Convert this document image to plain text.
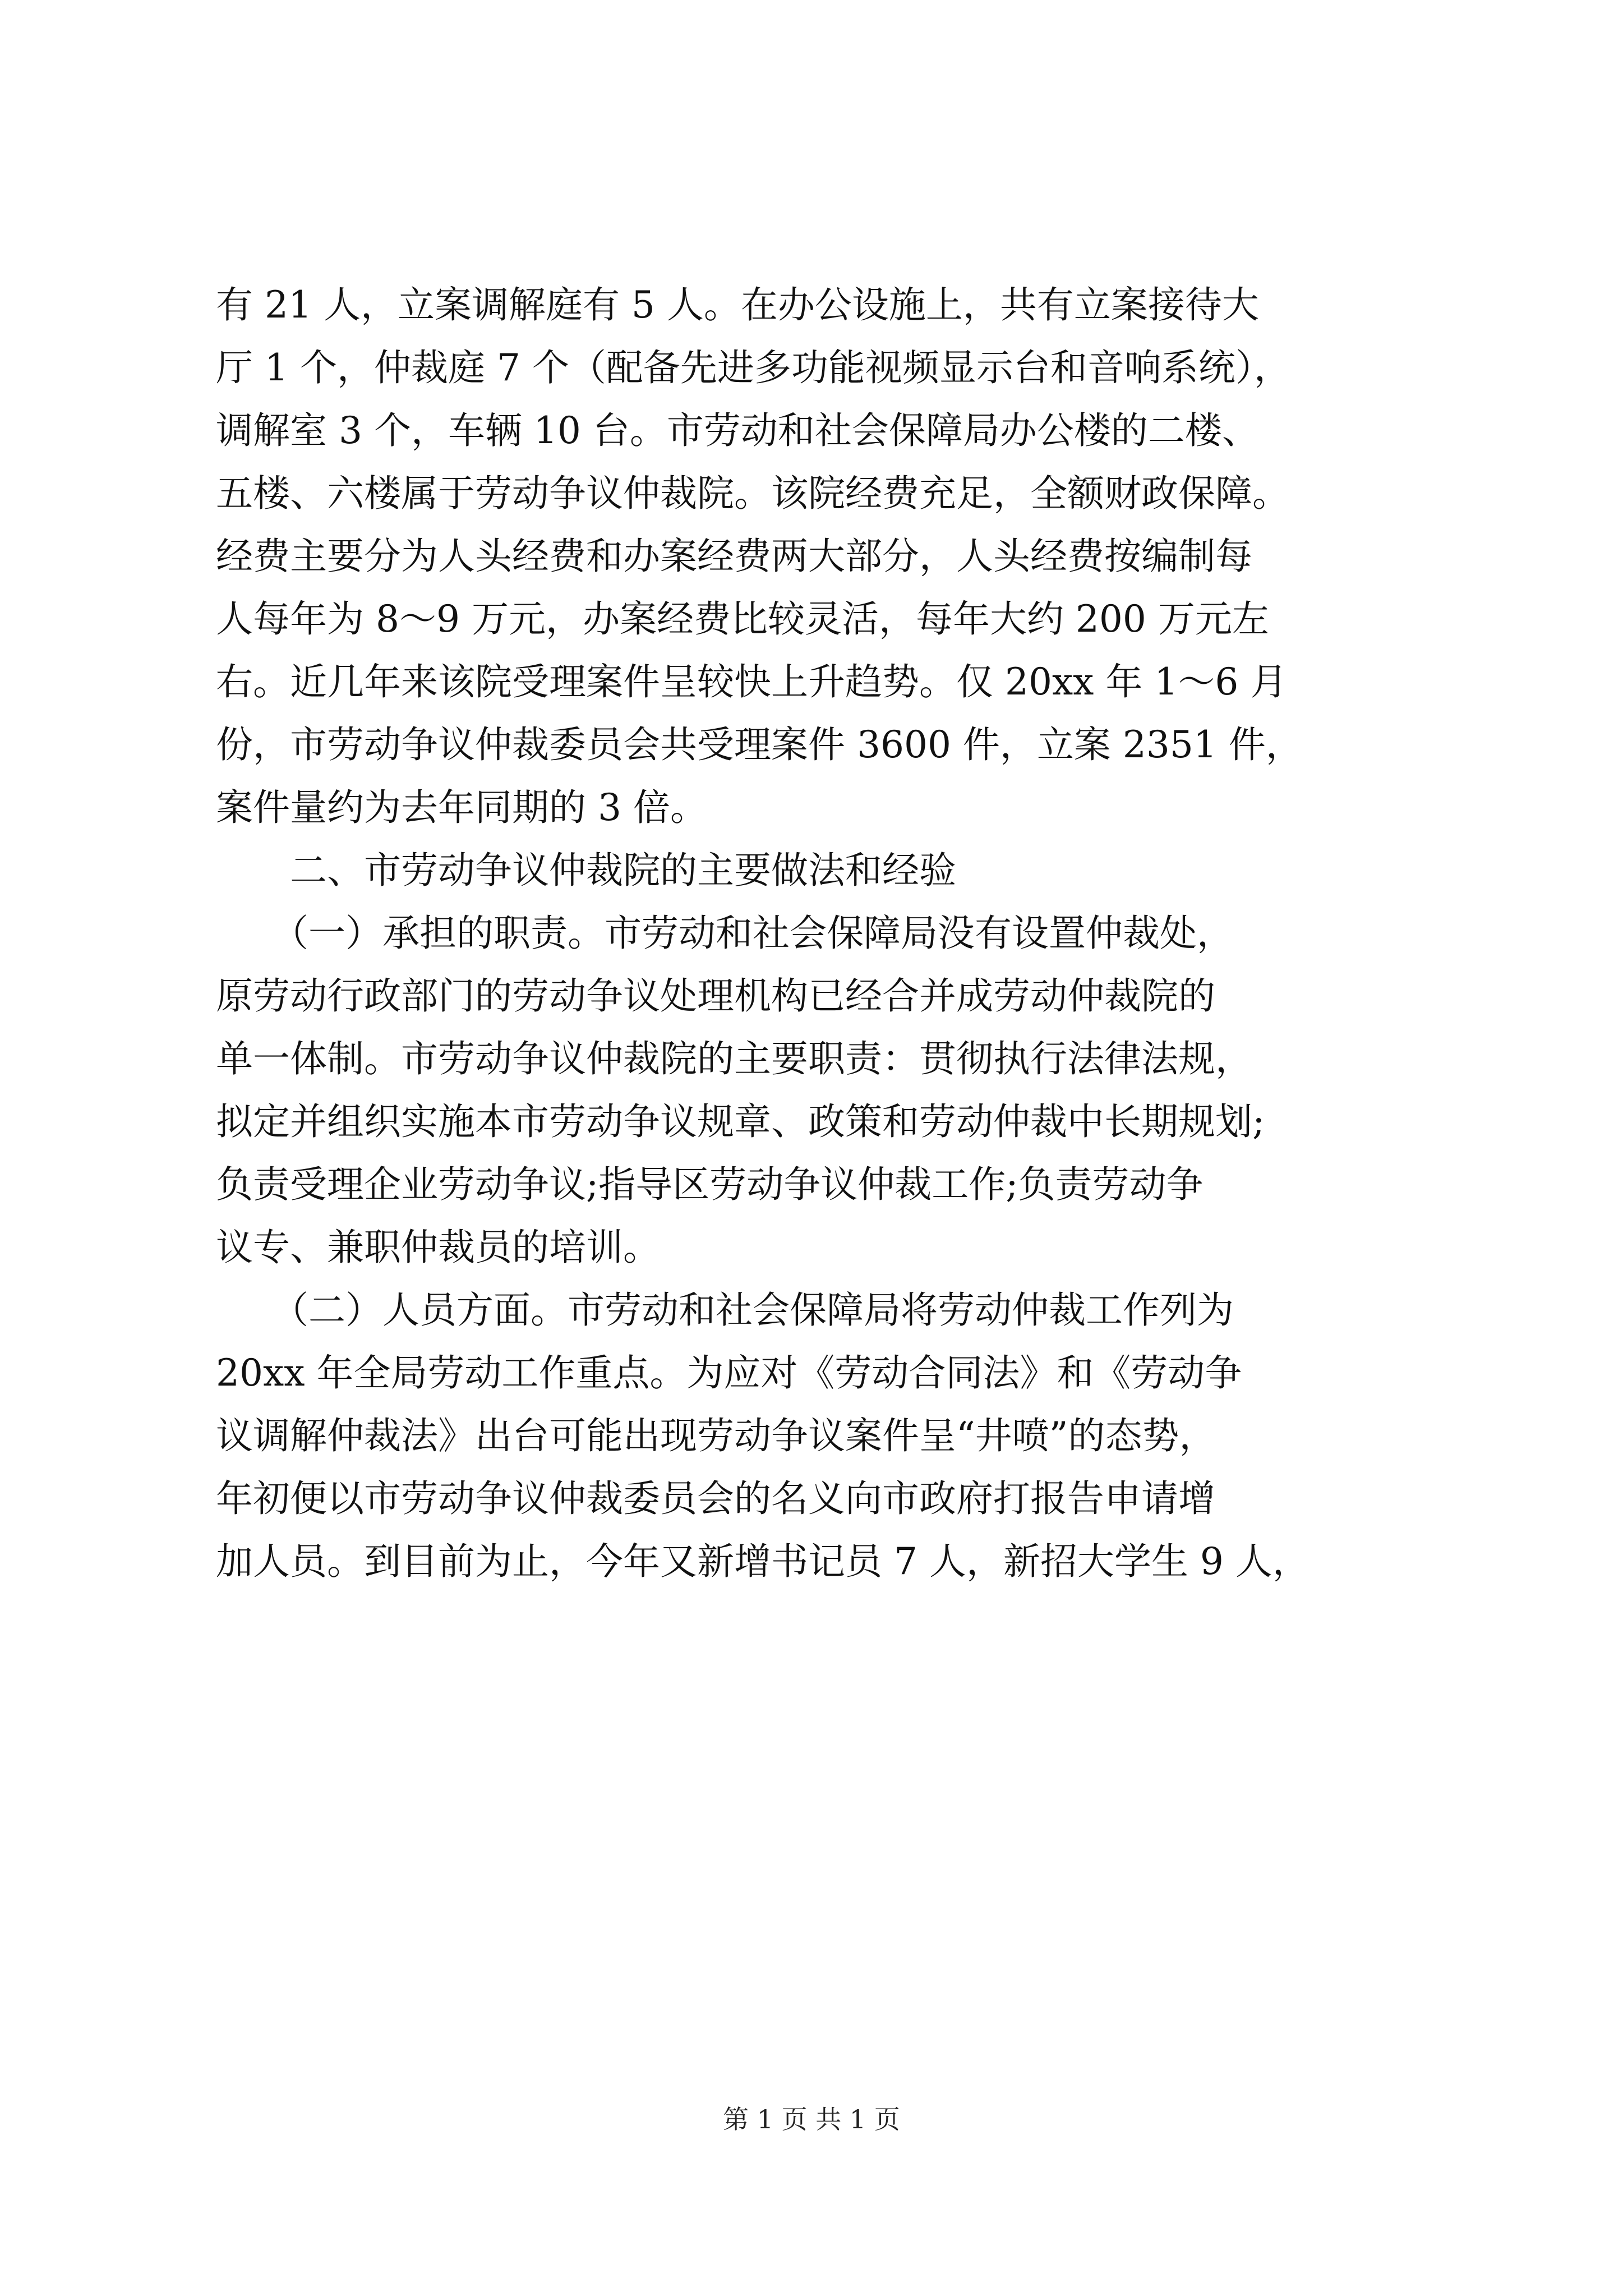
有 21 人，立案调解庭有 5 人。在办公设施上，共有立案接待大
厅 1 个，仲裁庭 7 个（配备先进多功能视频显示台和音响系统），
调解室 3 个，车辆 10 台。市劳动和社会保障局办公楼的二楼、
五楼、六楼属于劳动争议仲裁院。该院经费充足，全额财政保障。
经费主要分为人头经费和办案经费两大部分，人头经费按编制每
人每年为 8～9 万元，办案经费比较灵活，每年大约 200 万元左
右。近几年来该院受理案件呈较快上升趋势。仅 20xx 年 1～6 月
份，市劳动争议仲裁委员会共受理案件 3600 件，立案 2351 件，
案件量约为去年同期的 3 倍。
　　二、市劳动争议仲裁院的主要做法和经验
　　（一）承担的职责。市劳动和社会保障局没有设置仲裁处，
原劳动行政部门的劳动争议处理机构已经合并成劳动仲裁院的
单一体制。市劳动争议仲裁院的主要职责：贯彻执行法律法规，
拟定并组织实施本市劳动争议规章、政策和劳动仲裁中长期规划;
负责受理企业劳动争议;指导区劳动争议仲裁工作;负责劳动争
议专、兼职仲裁员的培训。
　　（二）人员方面。市劳动和社会保障局将劳动仲裁工作列为
20xx 年全局劳动工作重点。为应对《劳动合同法》和《劳动争
议调解仲裁法》出台可能出现劳动争议案件呈“井喷”的态势，
年初便以市劳动争议仲裁委员会的名义向市政府打报告申请增
加人员。到目前为止，今年又新增书记员 7 人，新招大学生 9 人，
第 1 页 共 1 页
